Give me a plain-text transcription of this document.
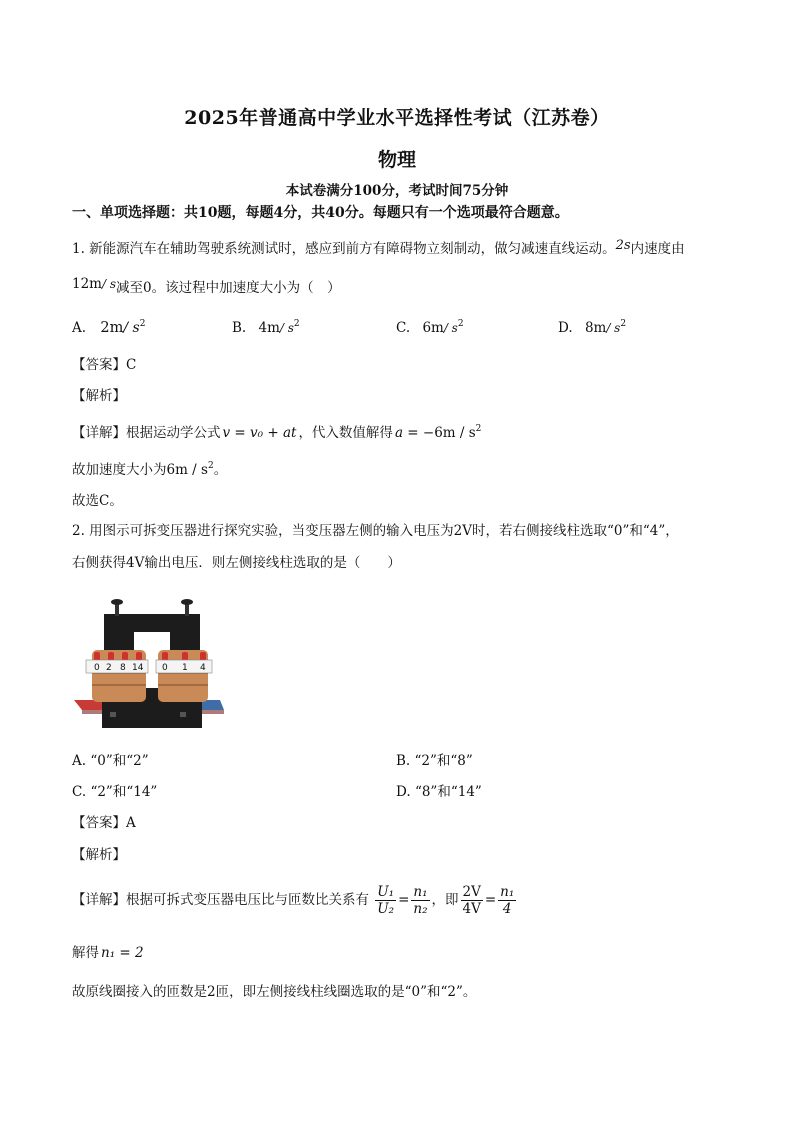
2025年普通高中学业水平选择性考试（江苏卷）
物理
本试卷满分100分，考试时间75分钟
一、单项选择题：共10题，每题4分，共40分。每题只有一个选项最符合题意。
1. 新能源汽车在辅助驾驶系统测试时，感应到前方有障碍物立刻制动，做匀减速直线运动。2s内速度由
12m/ s减至0。该过程中加速度大小为（　）
A. 2m/ $s^2$	B. 4m/ $s^2$	C. 6m/ $s^2$	D. 8m/ $s^2$
【答案】C
【解析】
【详解】根据运动学公式 v = v₀ + at ，代入数值解得 $a = -6m / s^2$
故加速度大小为$6m / s^2$。
故选C。
2. 用图示可拆变压器进行探究实验，当变压器左侧的输入电压为2V时，若右侧接线柱选取“0”和“4”，
右侧获得4V输出电压．则左侧接线柱选取的是（　　）
0 2 8 14 0 1 4
A. “0”和“2”	B. “2”和“8”
C. “2”和“14”	D. “8”和“14”
【答案】A
【解析】
【详解】根据可拆式变压器电压比与匝数比关系有 $\frac{\text{U₁}}{\text{U₂}} = \frac{\text{n₁}}{\text{n₂}}$ ，即 $\frac{2V}{4V} = \frac{\text{n₁}}{4}$
解得 n₁ = 2
故原线圈接入的匝数是2匝，即左侧接线柱线圈选取的是“0”和“2”。
